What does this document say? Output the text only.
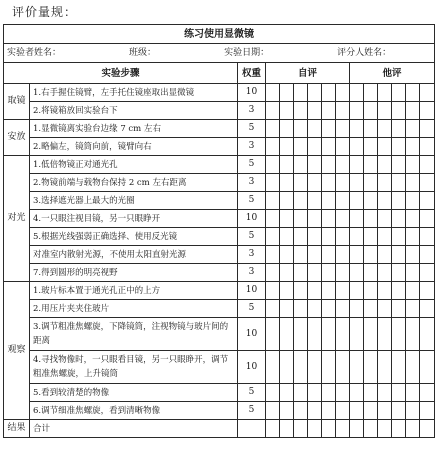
评价量规：
练习使用显微镜														

实验者姓名： 班级： 实验日期： 评分人姓名：														

实验步骤		权重	自评						他评					
取镜	1.右手握住镜臂，左手托住镜座取出显微镜	10												
	2.将镜箱放回实验台下	3												
安放	1.显微镜离实验台边缘 7 cm 左右	5												
	2.略偏左，镜筒向前，镜臂向右	3												
对光	1.低倍物镜正对通光孔	5												
	2.物镜前端与载物台保持 2 cm 左右距离	3												
	3.选择遮光器上最大的光圈	5												
	4.一只眼注视目镜，另一只眼睁开	10												
	5.根据光线强弱正确选择、使用反光镜	5												
	对准室内散射光源，不使用太阳直射光源	3												
	7.得到圆形的明亮视野	3												
观察	1.玻片标本置于通光孔正中的上方	10												
	2.用压片夹夹住玻片	5												
	3.调节粗准焦螺旋，下降镜筒，注视物镜与玻片间的距离	10												
	4.寻找物像时，一只眼看目镜，另一只眼睁开，调节粗准焦螺旋，上升镜筒	10												
	5.看到较清楚的物像	5												
	6.调节细准焦螺旋，看到清晰物像	5												
结果	合计													
